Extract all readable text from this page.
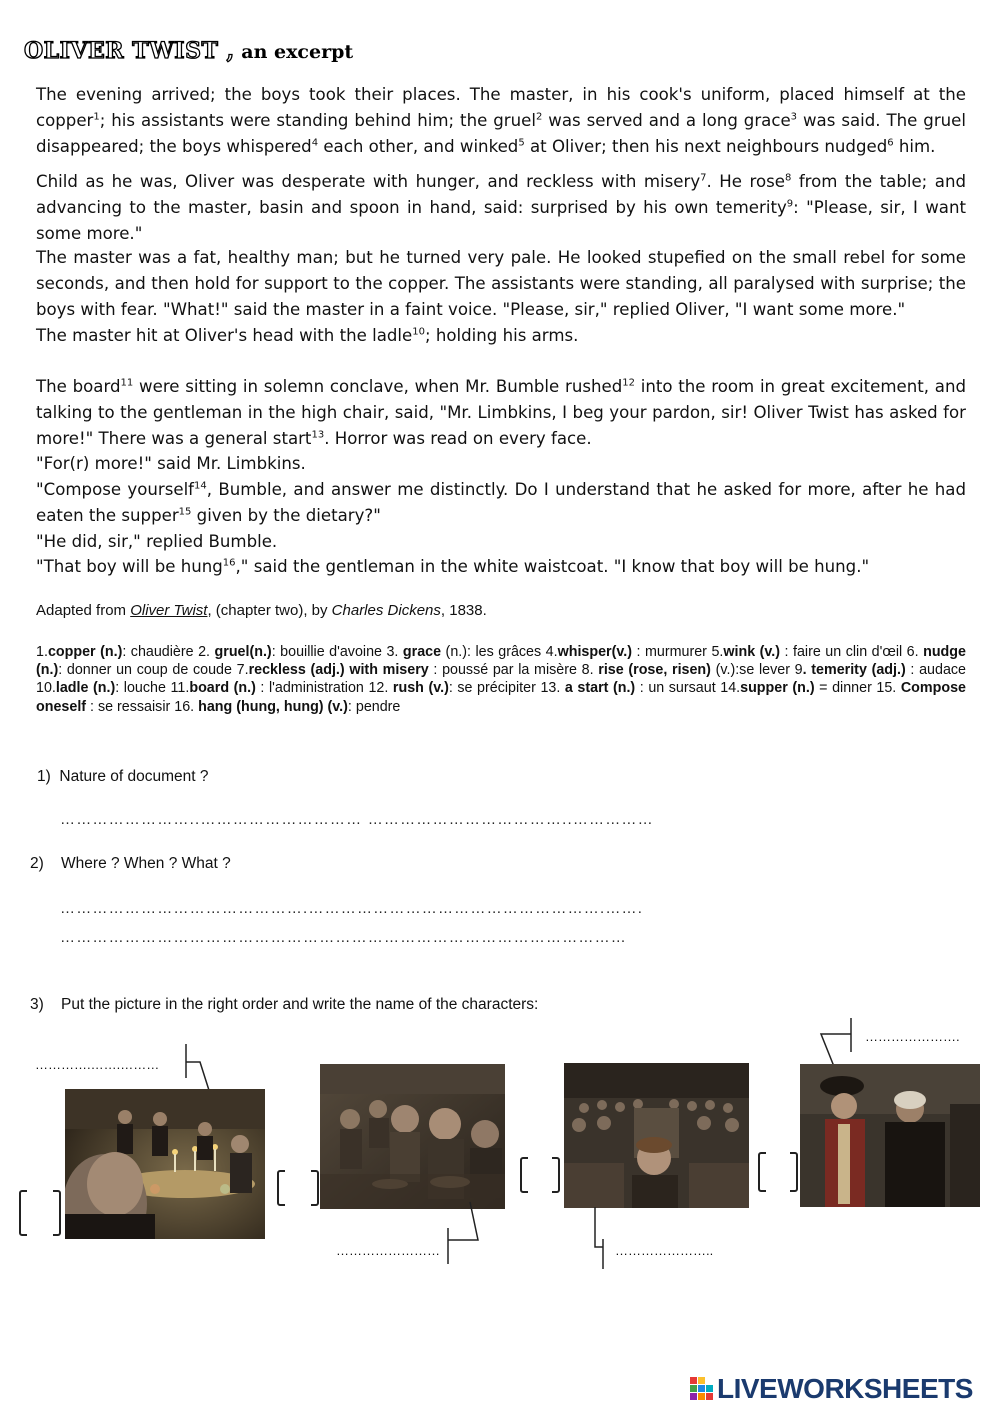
OLIVER TWIST , an excerpt
The evening arrived; the boys took their places. The master, in his cook's uniform, placed himself at the copper$^1$; his assistants were standing behind him; the gruel$^2$ was served and a long grace$^3$ was said. The gruel disappeared; the boys whispered$^4$ each other, and winked$^5$ at Oliver; then his next neighbours nudged$^6$ him.
Child as he was, Oliver was desperate with hunger, and reckless with misery$^7$. He rose$^8$ from the table; and advancing to the master, basin and spoon in hand, said: surprised by his own temerity$^9$: "Please, sir, I want some more."
The master was a fat, healthy man; but he turned very pale. He looked stupefied on the small rebel for some seconds, and then hold for support to the copper. The assistants were standing, all paralysed with surprise; the boys with fear. "What!" said the master in a faint voice. "Please, sir," replied Oliver, "I want some more."
The master hit at Oliver's head with the ladle$^{10}$; holding his arms.
The board$^{11}$ were sitting in solemn conclave, when Mr. Bumble rushed$^{12}$ into the room in great excitement, and talking to the gentleman in the high chair, said, "Mr. Limbkins, I beg your pardon, sir! Oliver Twist has asked for more!" There was a general start$^{13}$. Horror was read on every face.
"For(r) more!" said Mr. Limbkins.
"Compose yourself$^{14}$, Bumble, and answer me distinctly. Do I understand that he asked for more, after he had eaten the supper$^{15}$ given by the dietary?"
"He did, sir," replied Bumble.
"That boy will be hung$^{16}$," said the gentleman in the white waistcoat. "I know that boy will be hung."
Adapted from Oliver Twist, (chapter two), by Charles Dickens, 1838.
1.copper (n.): chaudière 2. gruel(n.): bouillie d'avoine 3. grace (n.): les grâces 4.whisper(v.) : murmurer 5.wink (v.) : faire un clin d'œil 6. nudge (n.): donner un coup de coude 7.reckless (adj.) with misery : poussé par la misère 8. rise (rose, risen) (v.):se lever 9. temerity (adj.) : audace 10.ladle (n.): louche 11.board (n.) : l'administration 12. rush (v.): se précipiter 13. a start (n.) : un sursaut 14.supper (n.) = dinner 15. Compose oneself : se ressaisir 16. hang (hung, hung) (v.): pendre
1) Nature of document ?
……………………..………………………… ………………………………..……………
2) Where ? When ? What ?
……………………………………….……………………………………………….…….
……………………………………………………………………………………………
3) Put the picture in the right order and write the name of the characters:
………….…….………
……………………	…………………..
………………….
LIVEWORKSHEETS
